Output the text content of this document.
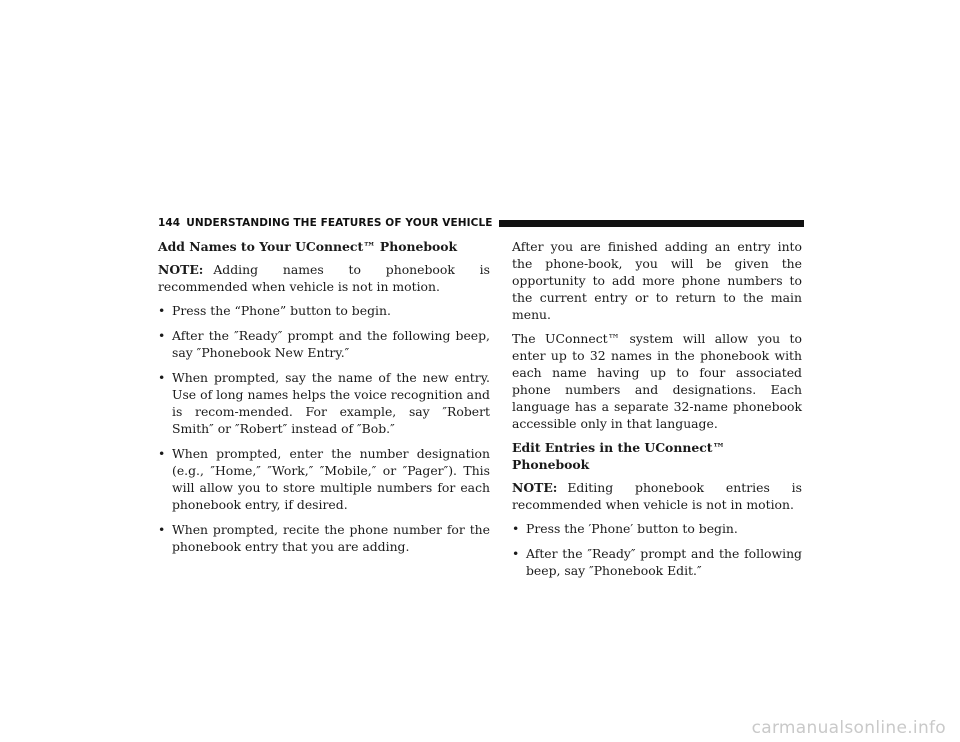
144 UNDERSTANDING THE FEATURES OF YOUR VEHICLE
Add Names to Your UConnect™ Phonebook

NOTE: Adding names to phonebook is recommended when vehicle is not in motion.

• Press the “Phone” button to begin.
• After the ″Ready″ prompt and the following beep, say ″Phonebook New Entry.″
• When prompted, say the name of the new entry. Use of long names helps the voice recognition and is recom-mended. For example, say ″Robert Smith″ or ″Robert″ instead of ″Bob.″
• When prompted, enter the number designation (e.g., ″Home,″ ″Work,″ ″Mobile,″ or ″Pager″). This will allow you to store multiple numbers for each phonebook entry, if desired.
• When prompted, recite the phone number for the phonebook entry that you are adding.

After you are finished adding an entry into the phone-book, you will be given the opportunity to add more phone numbers to the current entry or to return to the main menu.

The UConnect™ system will allow you to enter up to 32 names in the phonebook with each name having up to four associated phone numbers and designations. Each language has a separate 32-name phonebook accessible only in that language.

Edit Entries in the UConnect™ Phonebook

NOTE: Editing phonebook entries is recommended when vehicle is not in motion.

• Press the ′Phone′ button to begin.
• After the ″Ready″ prompt and the following beep, say ″Phonebook Edit.″
carmanualsonline.info
